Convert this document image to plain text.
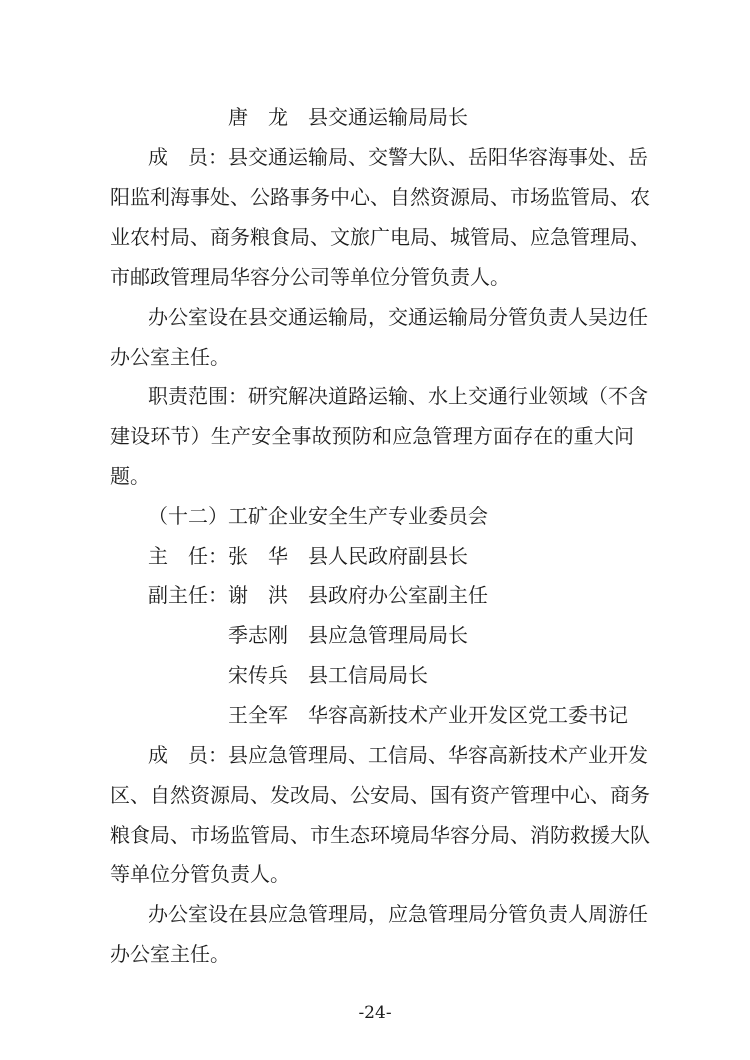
唐　龙　县交通运输局局长
成　员：县交通运输局、交警大队、岳阳华容海事处、岳
阳监利海事处、公路事务中心、自然资源局、市场监管局、农
业农村局、商务粮食局、文旅广电局、城管局、应急管理局、
市邮政管理局华容分公司等单位分管负责人。
办公室设在县交通运输局，交通运输局分管负责人吴边任
办公室主任。
职责范围：研究解决道路运输、水上交通行业领域（不含
建设环节）生产安全事故预防和应急管理方面存在的重大问
题。
（十二）工矿企业安全生产专业委员会
主　任：张　华　县人民政府副县长
副主任：谢　洪　县政府办公室副主任
季志刚　县应急管理局局长
宋传兵　县工信局局长
王全军　华容高新技术产业开发区党工委书记
成　员：县应急管理局、工信局、华容高新技术产业开发
区、自然资源局、发改局、公安局、国有资产管理中心、商务
粮食局、市场监管局、市生态环境局华容分局、消防救援大队
等单位分管负责人。
办公室设在县应急管理局，应急管理局分管负责人周游任
办公室主任。
-24-
